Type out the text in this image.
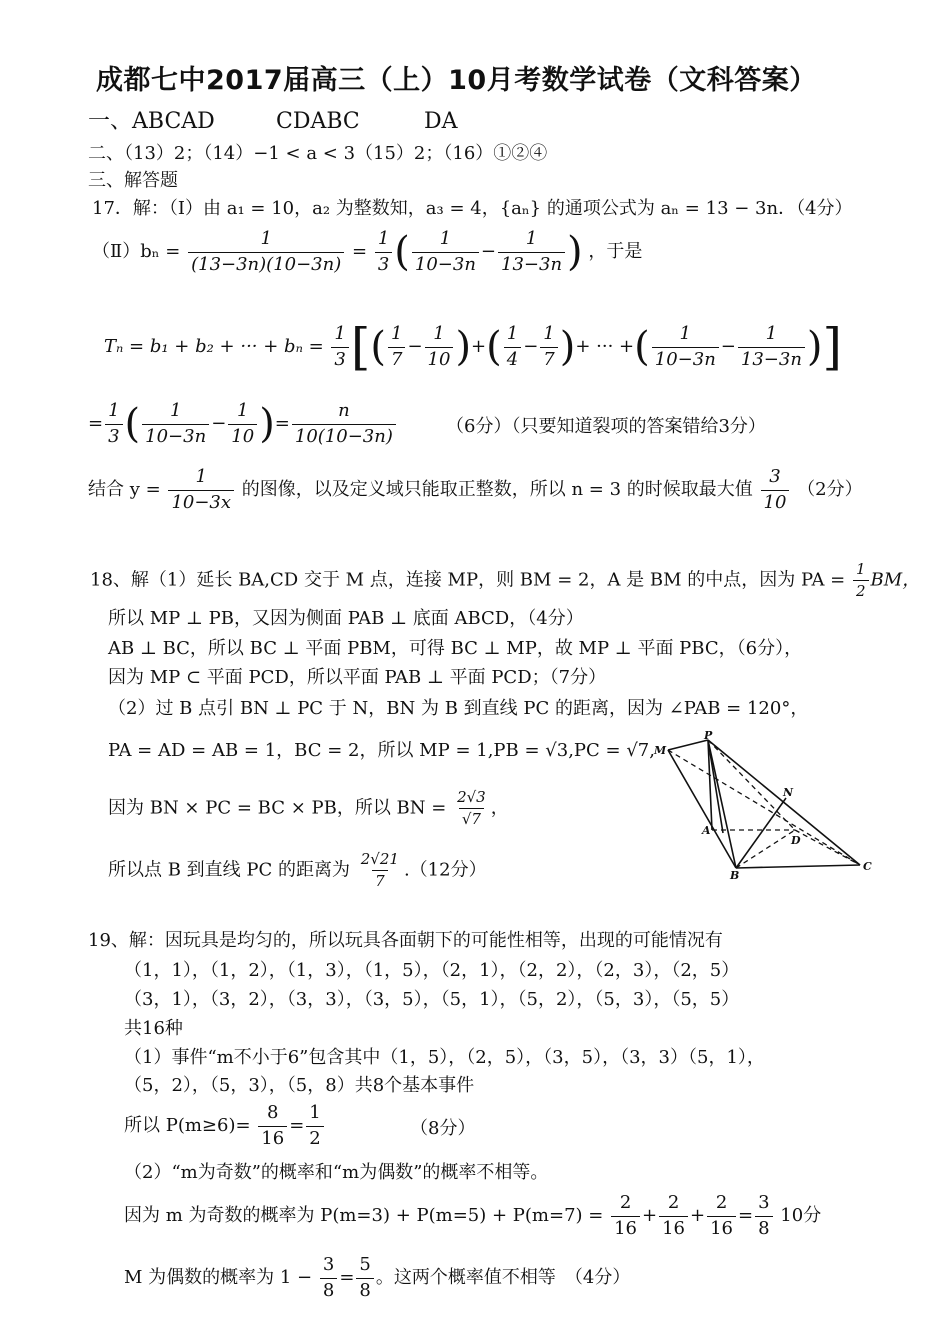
成都七中2017届高三（上）10月考数学试卷（文科答案）
一、ABCAD	CDABC	DA
二、（13）2；（14）−1 < a < 3（15）2；（16）①②④
三、解答题
17．解：（Ⅰ）由 a₁ = 10，a₂ 为整数知，a₃ = 4，{aₙ} 的通项公式为 aₙ = 13 − 3n．（4分）
（Ⅱ）bₙ = $\frac{1}{(13-3n)(10-3n)} = \frac{1}{3}$ ( $\frac{1}{10-3n} - \frac{1}{13-3n}$ ) ，于是
Tₙ = b₁ + b₂ + ··· + $b_n = \frac{1}{3}$ [( $\frac{1}{7} - \frac{1}{10}$ )+( $\frac{1}{4} - \frac{1}{7}$ )+ ··· +( $\frac{1}{10-3n} - \frac{1}{13-3n}$ )]
= $\frac{1}{3}$ ( $\frac{1}{10-3n} - \frac{1}{10}$ )= $\frac{n}{10(10-3n)}$	（6分）（只要知道裂项的答案错给3分）
结合 $y = \frac{1}{10-3x}$ 的图像，以及定义域只能取正整数，所以 n = 3 的时候取最大值 $\frac{3}{10} (2$分）
18、解（1）延长 BA,CD 交于 M 点，连接 MP，则 BM = 2，A 是 BM 的中点，因为 PA = $\frac{1}{2}$ BM，
所以 MP ⊥ PB，又因为侧面 PAB ⊥ 底面 ABCD，（4分）
AB ⊥ BC，所以 BC ⊥ 平面 PBM，可得 BC ⊥ MP，故 MP ⊥ 平面 PBC，（6分），
因为 MP ⊂ 平面 PCD，所以平面 PAB ⊥ 平面 PCD；（7分）
（2）过 B 点引 BN ⊥ PC 于 N，BN 为 B 到直线 PC 的距离，因为 ∠PAB = 120°，
PA = AD = AB = 1，BC = 2，所以 MP = 1,PB = √3,PC = √7,
因为 BN × PC = BC × PB，所以 BN = $\frac{2√3}{√7}$ ，
所以点 B 到直线 PC 的距离为 $\frac{2√21}{7} .(12$分）
M
P
N
A
D
B
C
19、解：因玩具是均匀的，所以玩具各面朝下的可能性相等，出现的可能情况有
（1，1），（1，2），（1，3），（1，5），（2，1），（2，2），（2，3），（2，5）
（3，1），（3，2），（3，3），（3，5），（5，1），（5，2），（5，3），（5，5）
共16种
（1）事件“m不小于6”包含其中（1，5），（2，5），（3，5），（3，3）（5，1），
（5，2），（5，3），（5，8）共8个基本事件
所以 $P(m\ge 6)= \frac{8}{16} = \frac{1}{2}$	（8分）
（2）“m为奇数”的概率和“m为偶数”的概率不相等。
因为 m 为奇数的概率为 $P(m=3) + P(m=5) + P(m=7) = \frac{2}{16} + \frac{2}{16} + \frac{2}{16} = \frac{3}{8} 10$分
M 为偶数的概率为 $1 - \frac{3}{8} = \frac{5}{8}$ 。这两个概率值不相等　（4分）
